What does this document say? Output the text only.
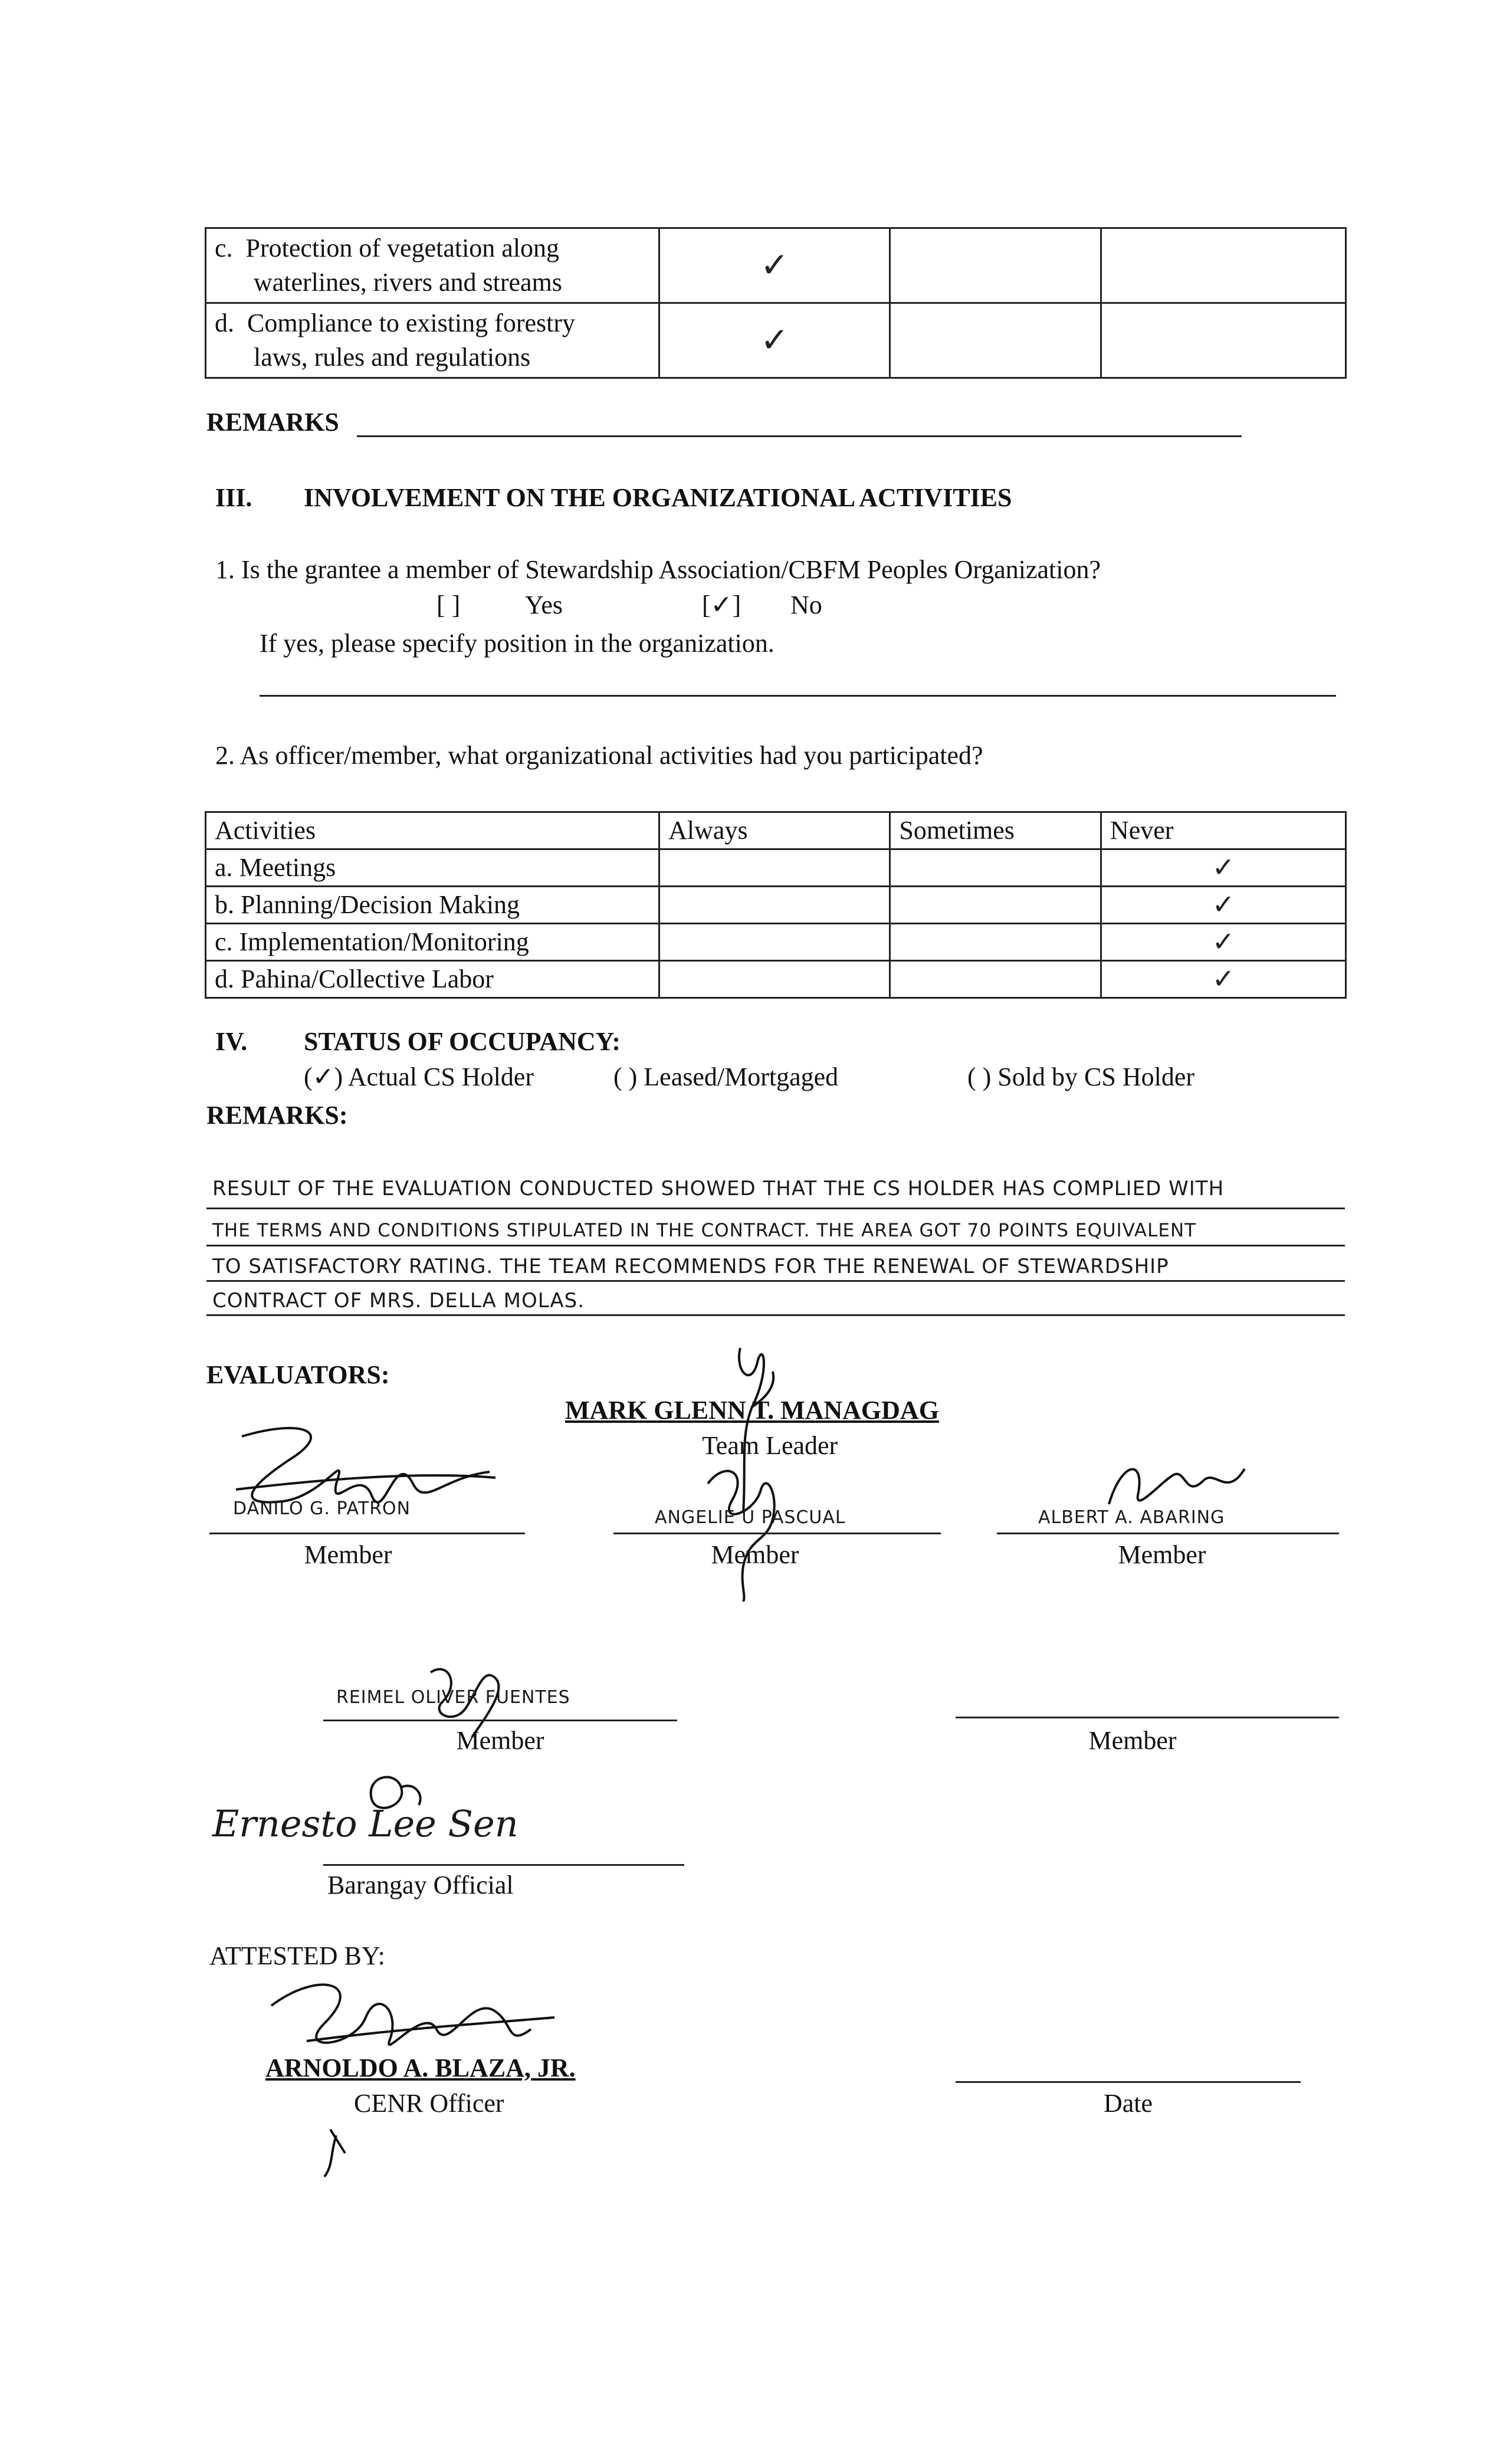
c. Protection of vegetation along
waterlines, rivers and streams	✓		
d. Compliance to existing forestry
laws, rules and regulations	✓		
REMARKS
III. INVOLVEMENT ON THE ORGANIZATIONAL ACTIVITIES
1. Is the grantee a member of Stewardship Association/CBFM Peoples Organization?
[ ] Yes	[✓] No
If yes, please specify position in the organization.
2. As officer/member, what organizational activities had you participated?
Activities	Always	Sometimes	Never
a. Meetings			✓
b. Planning/Decision Making			✓
c. Implementation/Monitoring			✓
d. Pahina/Collective Labor			✓
IV. STATUS OF OCCUPANCY:
(✓) Actual CS Holder	( ) Leased/Mortgaged	( ) Sold by CS Holder
REMARKS:
RESULT OF THE EVALUATION CONDUCTED SHOWED THAT THE CS HOLDER HAS COMPLIED WITH
THE TERMS AND CONDITIONS STIPULATED IN THE CONTRACT. THE AREA GOT 70 POINTS EQUIVALENT
TO SATISFACTORY RATING. THE TEAM RECOMMENDS FOR THE RENEWAL OF STEWARDSHIP
CONTRACT OF MRS. DELLA MOLAS.
EVALUATORS:
MARK GLENN T. MANAGDAG
Team Leader
DANILO G. PATRON
Member
ANGELIE U PASCUAL
Member
ALBERT A. ABARING
Member
REIMEL OLIVER FUENTES
Member	Member
Ernesto Lee Sen
Barangay Official
ATTESTED BY:
ARNOLDO A. BLAZA, JR.
CENR Officer	Date
